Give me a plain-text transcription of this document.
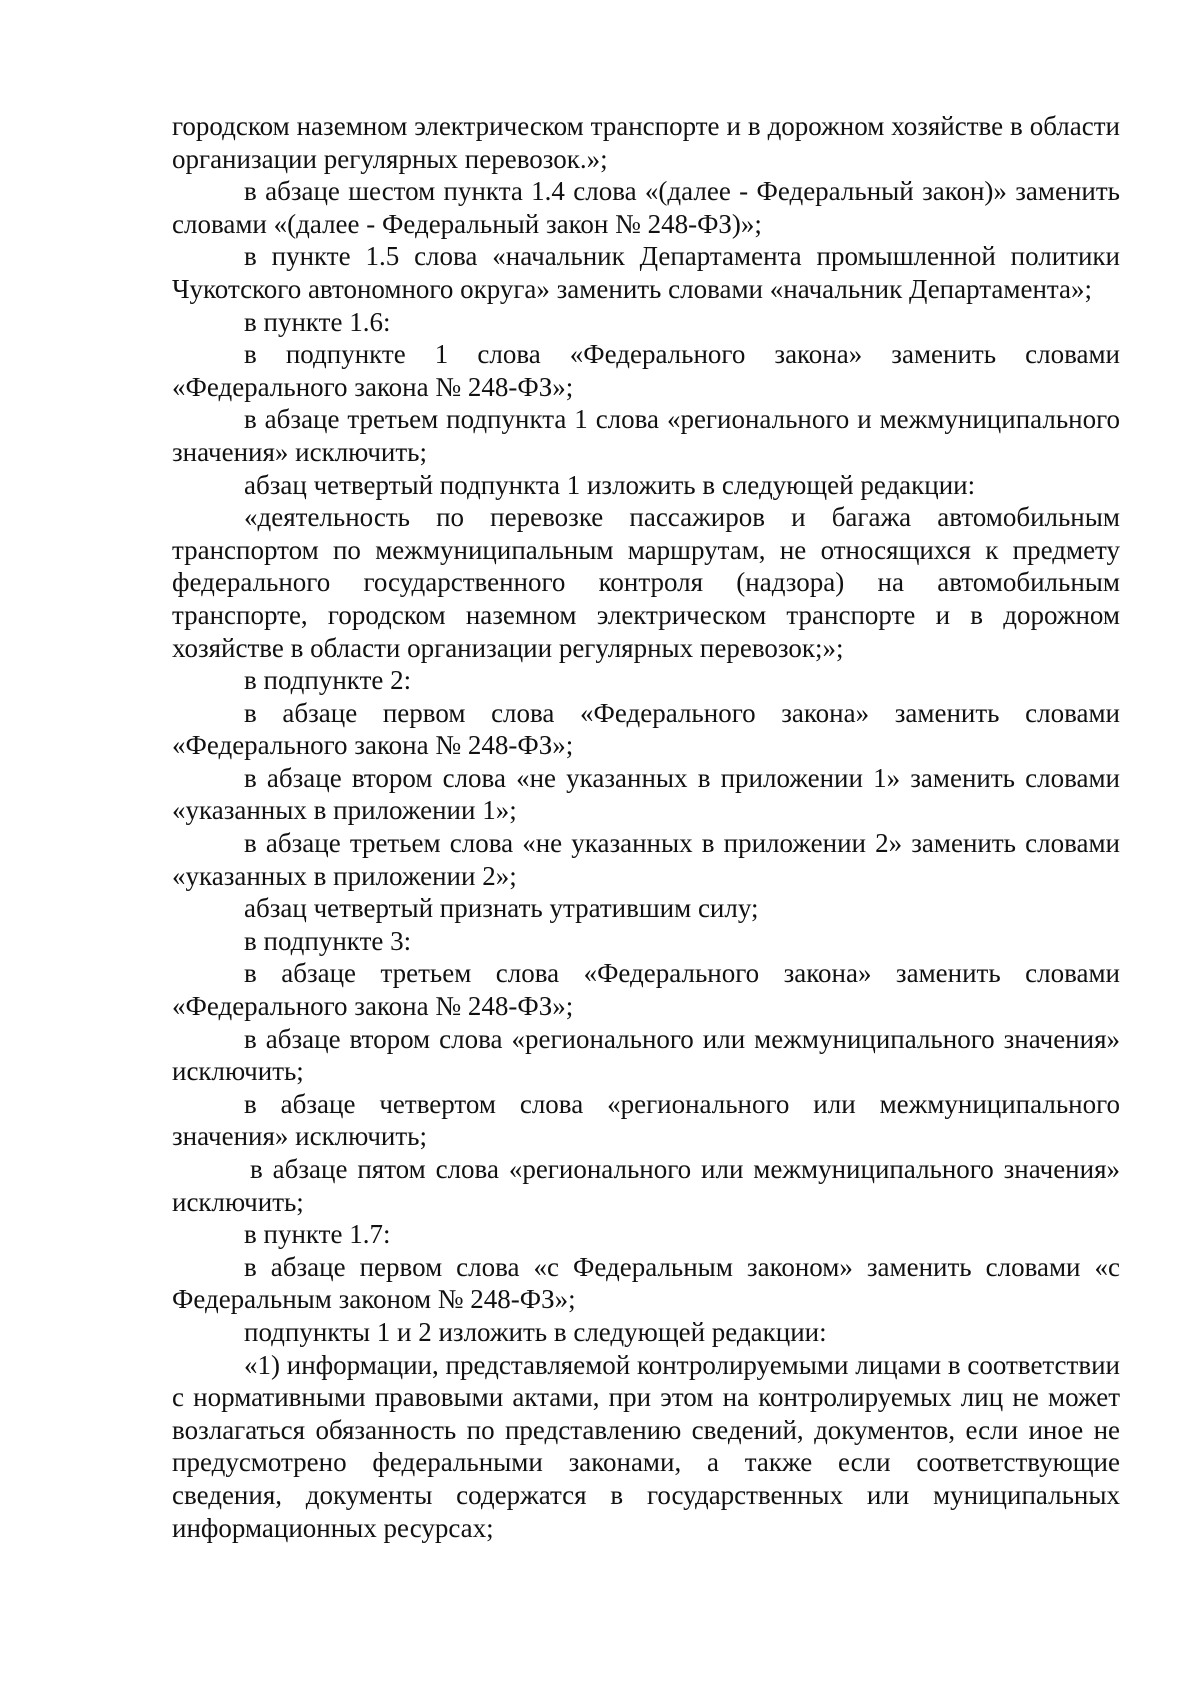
городском наземном электрическом транспорте и в дорожном хозяйстве в области организации регулярных перевозок.»;

в абзаце шестом пункта 1.4 слова «(далее - Федеральный закон)» заменить словами «(далее - Федеральный закон № 248-ФЗ)»;

в пункте 1.5 слова «начальник Департамента промышленной политики Чукотского автономного округа» заменить словами «начальник Департамента»;

в пункте 1.6:

в подпункте 1 слова «Федерального закона» заменить словами «Федерального закона № 248-ФЗ»;

в абзаце третьем подпункта 1 слова «регионального и межмуниципального значения» исключить;

абзац четвертый подпункта 1 изложить в следующей редакции:

«деятельность по перевозке пассажиров и багажа автомобильным транспортом по межмуниципальным маршрутам, не относящихся к предмету федерального государственного контроля (надзора) на автомобильным транспорте, городском наземном электрическом транспорте и в дорожном хозяйстве в области организации регулярных перевозок;»;

в подпункте 2:

в абзаце первом слова «Федерального закона» заменить словами «Федерального закона № 248-ФЗ»;

в абзаце втором слова «не указанных в приложении 1» заменить словами «указанных в приложении 1»;

в абзаце третьем слова «не указанных в приложении 2» заменить словами «указанных в приложении 2»;

абзац четвертый признать утратившим силу;

в подпункте 3:

в абзаце третьем слова «Федерального закона» заменить словами «Федерального закона № 248-ФЗ»;

в абзаце втором слова «регионального или межмуниципального значения» исключить;

в абзаце четвертом слова «регионального или межмуниципального значения» исключить;

в абзаце пятом слова «регионального или межмуниципального значения» исключить;

в пункте 1.7:

в абзаце первом слова «с Федеральным законом» заменить словами «с Федеральным законом № 248-ФЗ»;

подпункты 1 и 2 изложить в следующей редакции:

«1) информации, представляемой контролируемыми лицами в соответствии с нормативными правовыми актами, при этом на контролируемых лиц не может возлагаться обязанность по представлению сведений, документов, если иное не предусмотрено федеральными законами, а также если соответствующие сведения, документы содержатся в государственных или муниципальных информационных ресурсах;
